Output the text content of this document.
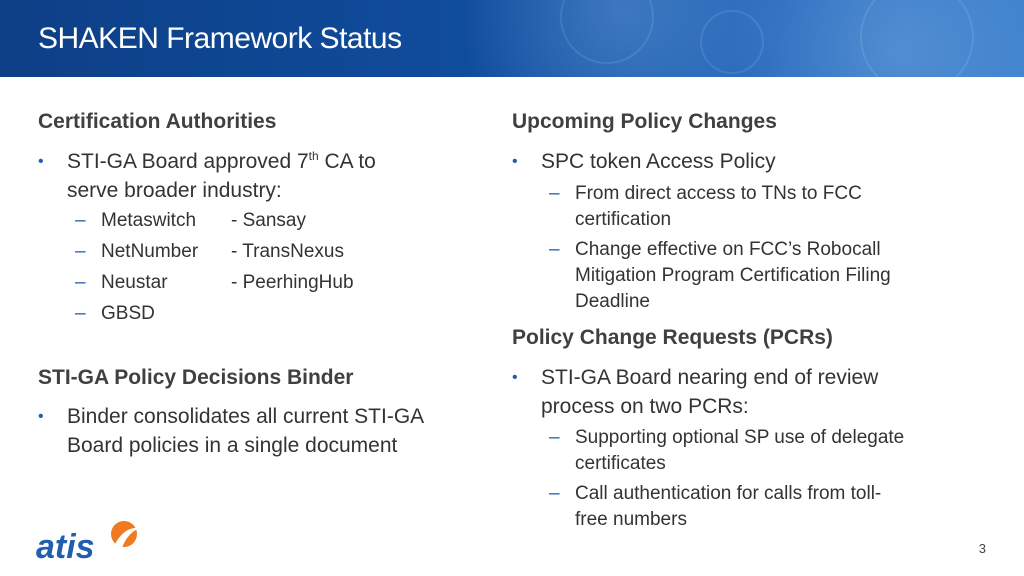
SHAKEN Framework Status
Certification Authorities
• STI-GA Board approved 7th CA to
serve broader industry:
– Metaswitch - Sansay
– NetNumber - TransNexus
– Neustar	- PeerhingHub
– GBSD
STI-GA Policy Decisions Binder
• Binder consolidates all current STI-GA
Board policies in a single document
Upcoming Policy Changes
• SPC token Access Policy
– From direct access to TNs to FCC
certification
– Change effective on FCC’s Robocall
Mitigation Program Certification Filing
Deadline
Policy Change Requests (PCRs)
• STI-GA Board nearing end of review
process on two PCRs:
– Supporting optional SP use of delegate
certificates
– Call authentication for calls from toll-
free numbers
atis	3
